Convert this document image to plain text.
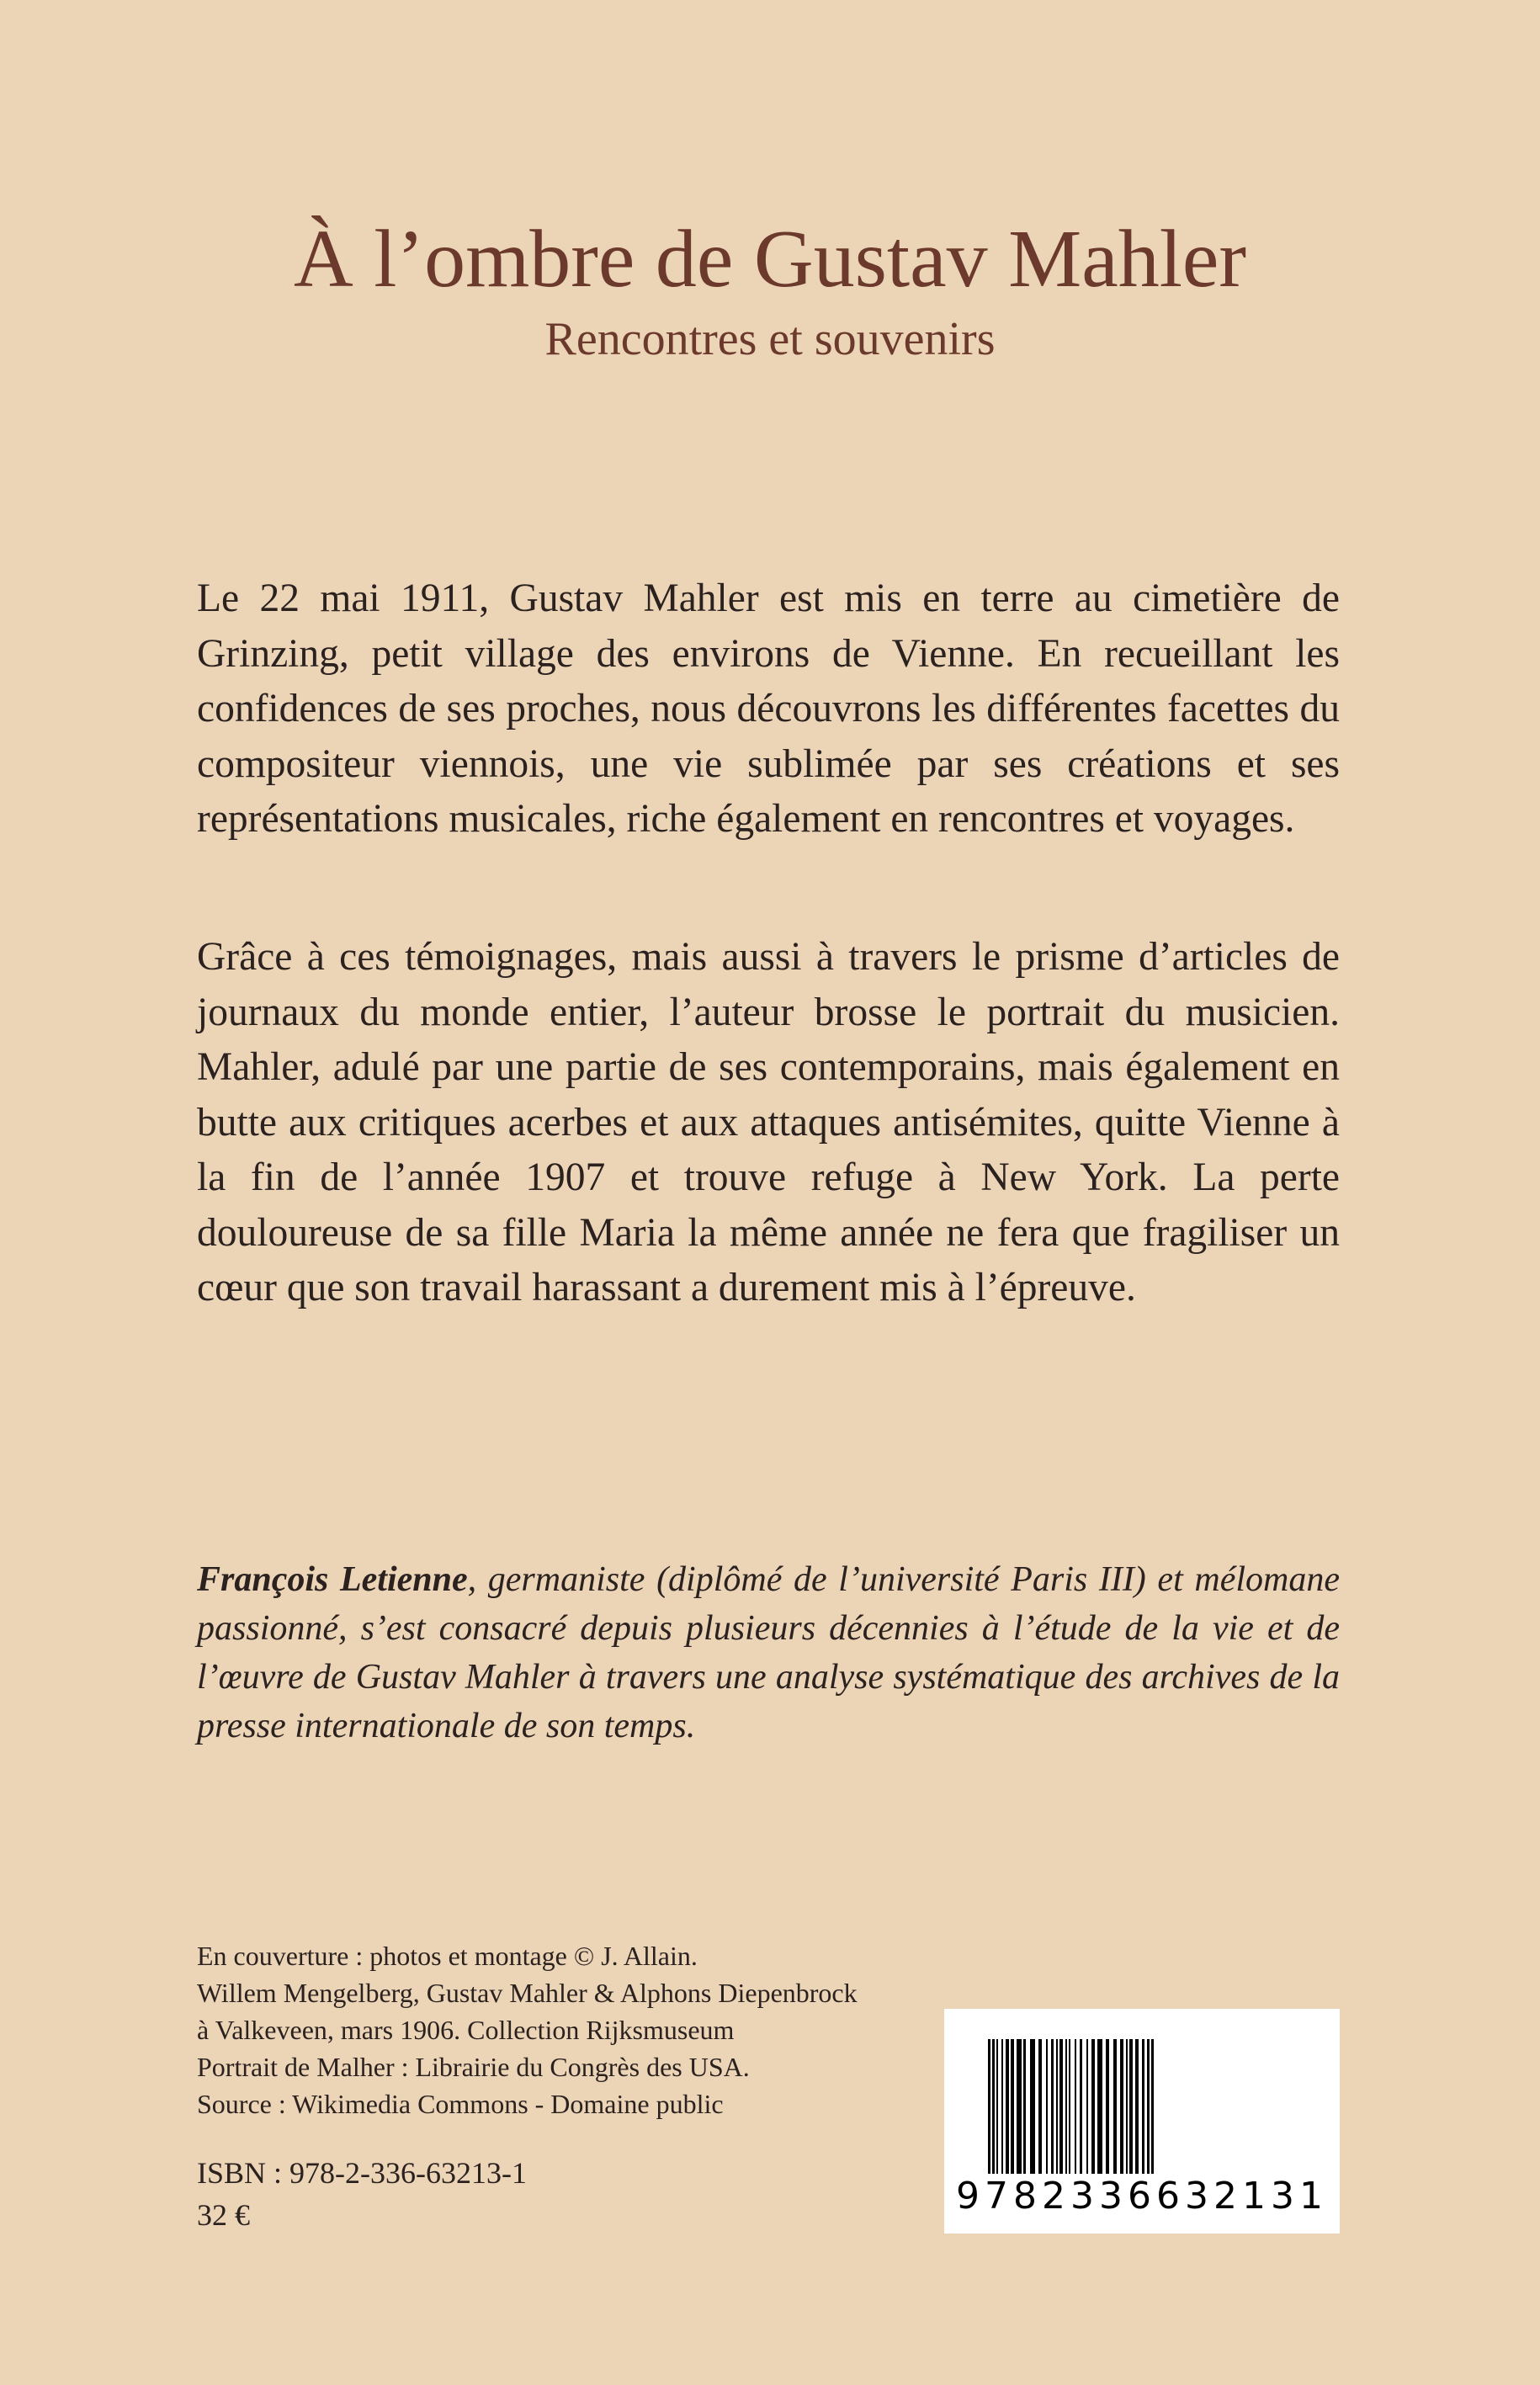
À l’ombre de Gustav Mahler
Rencontres et souvenirs

Le 22 mai 1911, Gustav Mahler est mis en terre au cimetière de Grinzing, petit village des environs de Vienne. En recueillant les confidences de ses proches, nous découvrons les différentes facettes du compositeur viennois, une vie sublimée par ses créations et ses représentations musicales, riche également en rencontres et voyages.

Grâce à ces témoignages, mais aussi à travers le prisme d’articles de journaux du monde entier, l’auteur brosse le portrait du musicien. Mahler, adulé par une partie de ses contemporains, mais également en butte aux critiques acerbes et aux attaques antisémites, quitte Vienne à la fin de l’année 1907 et trouve refuge à New York. La perte douloureuse de sa fille Maria la même année ne fera que fragiliser un cœur que son travail harassant a durement mis à l’épreuve.

François Letienne, germaniste (diplômé de l’université Paris III) et mélomane passionné, s’est consacré depuis plusieurs décennies à l’étude de la vie et de l’œuvre de Gustav Mahler à travers une analyse systématique des archives de la presse internationale de son temps.

En couverture : photos et montage © J. Allain.
Willem Mengelberg, Gustav Mahler & Alphons Diepenbrock
à Valkeveen, mars 1906. Collection Rijksmuseum
Portrait de Malher : Librairie du Congrès des USA.
Source : Wikimedia Commons - Domaine public
ISBN : 978-2-336-63213-1
32 €	9782336632131
